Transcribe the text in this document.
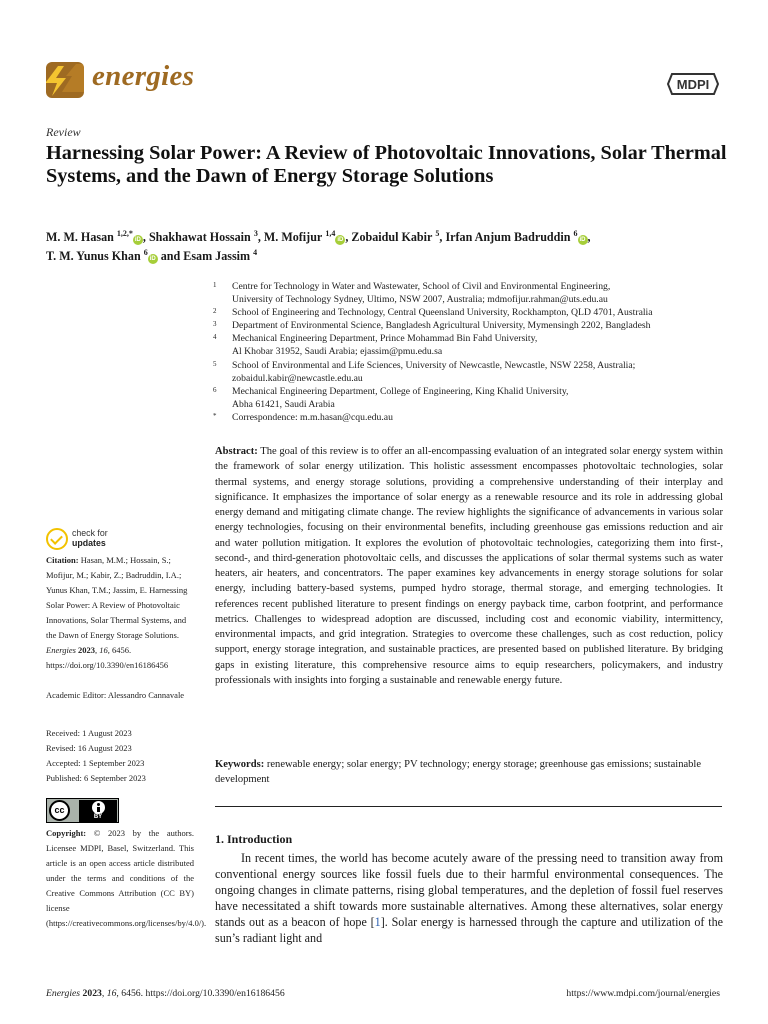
energies	MDPI
Review
Harnessing Solar Power: A Review of Photovoltaic Innovations, Solar Thermal Systems, and the Dawn of Energy Storage Solutions
M. M. Hasan $^{1,2,*}$iD , Shakhawat Hossain $^3$, M. Mofijur $^{1,4}$iD , Zobaidul Kabir $^5$, Irfan Anjum Badruddin $^6$iD ,
T. M. Yunus Khan $^6$iD and Esam Jassim $^4$
1	Centre for Technology in Water and Wastewater, School of Civil and Environmental Engineering,
University of Technology Sydney, Ultimo, NSW 2007, Australia; mdmofijur.rahman@uts.edu.au
2	School of Engineering and Technology, Central Queensland University, Rockhampton, QLD 4701, Australia
3	Department of Environmental Science, Bangladesh Agricultural University, Mymensingh 2202, Bangladesh
4	Mechanical Engineering Department, Prince Mohammad Bin Fahd University,
Al Khobar 31952, Saudi Arabia; ejassim@pmu.edu.sa
5	School of Environmental and Life Sciences, University of Newcastle, Newcastle, NSW 2258, Australia;
zobaidul.kabir@newcastle.edu.au
6	Mechanical Engineering Department, College of Engineering, King Khalid University,
Abha 61421, Saudi Arabia
*	Correspondence: m.m.hasan@cqu.edu.au
Abstract: The goal of this review is to offer an all-encompassing evaluation of an integrated solar energy system within the framework of solar energy utilization. This holistic assessment encompasses photovoltaic technologies, solar thermal systems, and energy storage solutions, providing a comprehensive understanding of their interplay and significance. It emphasizes the importance of solar energy as a renewable resource and its role in addressing global energy demand and mitigating climate change. The review highlights the significance of advancements in various solar energy technologies, focusing on their environmental benefits, including greenhouse gas emissions reduction and air and water pollution mitigation. It explores the evolution of photovoltaic technologies, categorizing them into first-, second-, and third-generation photovoltaic cells, and discusses the applications of solar thermal systems such as water heaters, air heaters, and concentrators. The paper examines key advancements in energy storage solutions for solar energy, including battery-based systems, pumped hydro storage, thermal storage, and emerging technologies. It references recent published literature to present findings on energy payback time, carbon footprint, and performance metrics. Challenges to widespread adoption are discussed, including cost and economic viability, intermittency, environmental impacts, and grid integration. Strategies to overcome these challenges, such as cost reduction, policy support, energy storage integration, and sustainable practices, are presented based on published literature. By bridging gaps in existing literature, this comprehensive resource aims to equip researchers, policymakers, and industry professionals with insights into forging a sustainable and renewable energy future.
Keywords: renewable energy; solar energy; PV technology; energy storage; greenhouse gas emissions; sustainable development
1. Introduction
In recent times, the world has become acutely aware of the pressing need to transition away from conventional energy sources like fossil fuels due to their harmful environmental consequences. The ongoing changes in climate patterns, rising global temperatures, and the depletion of fossil fuel reserves have necessitated a shift towards more sustainable alternatives. Among these alternatives, solar energy stands out as a beacon of hope [1]. Solar energy is harnessed through the capture and utilization of the sun’s radiant light and
check for
updates
Citation: Hasan, M.M.; Hossain, S.; Mofijur, M.; Kabir, Z.; Badruddin, I.A.; Yunus Khan, T.M.; Jassim, E. Harnessing Solar Power: A Review of Photovoltaic Innovations, Solar Thermal Systems, and the Dawn of Energy Storage Solutions. Energies 2023, 16, 6456. https://doi.org/10.3390/en16186456
Academic Editor: Alessandro Cannavale
Received: 1 August 2023
Revised: 16 August 2023
Accepted: 1 September 2023
Published: 6 September 2023
cc
BY
Copyright: © 2023 by the authors. Licensee MDPI, Basel, Switzerland. This article is an open access article distributed under the terms and conditions of the Creative Commons Attribution (CC BY) license (https://creativecommons.org/licenses/by/4.0/).
Energies 2023, 16, 6456. https://doi.org/10.3390/en16186456	https://www.mdpi.com/journal/energies
